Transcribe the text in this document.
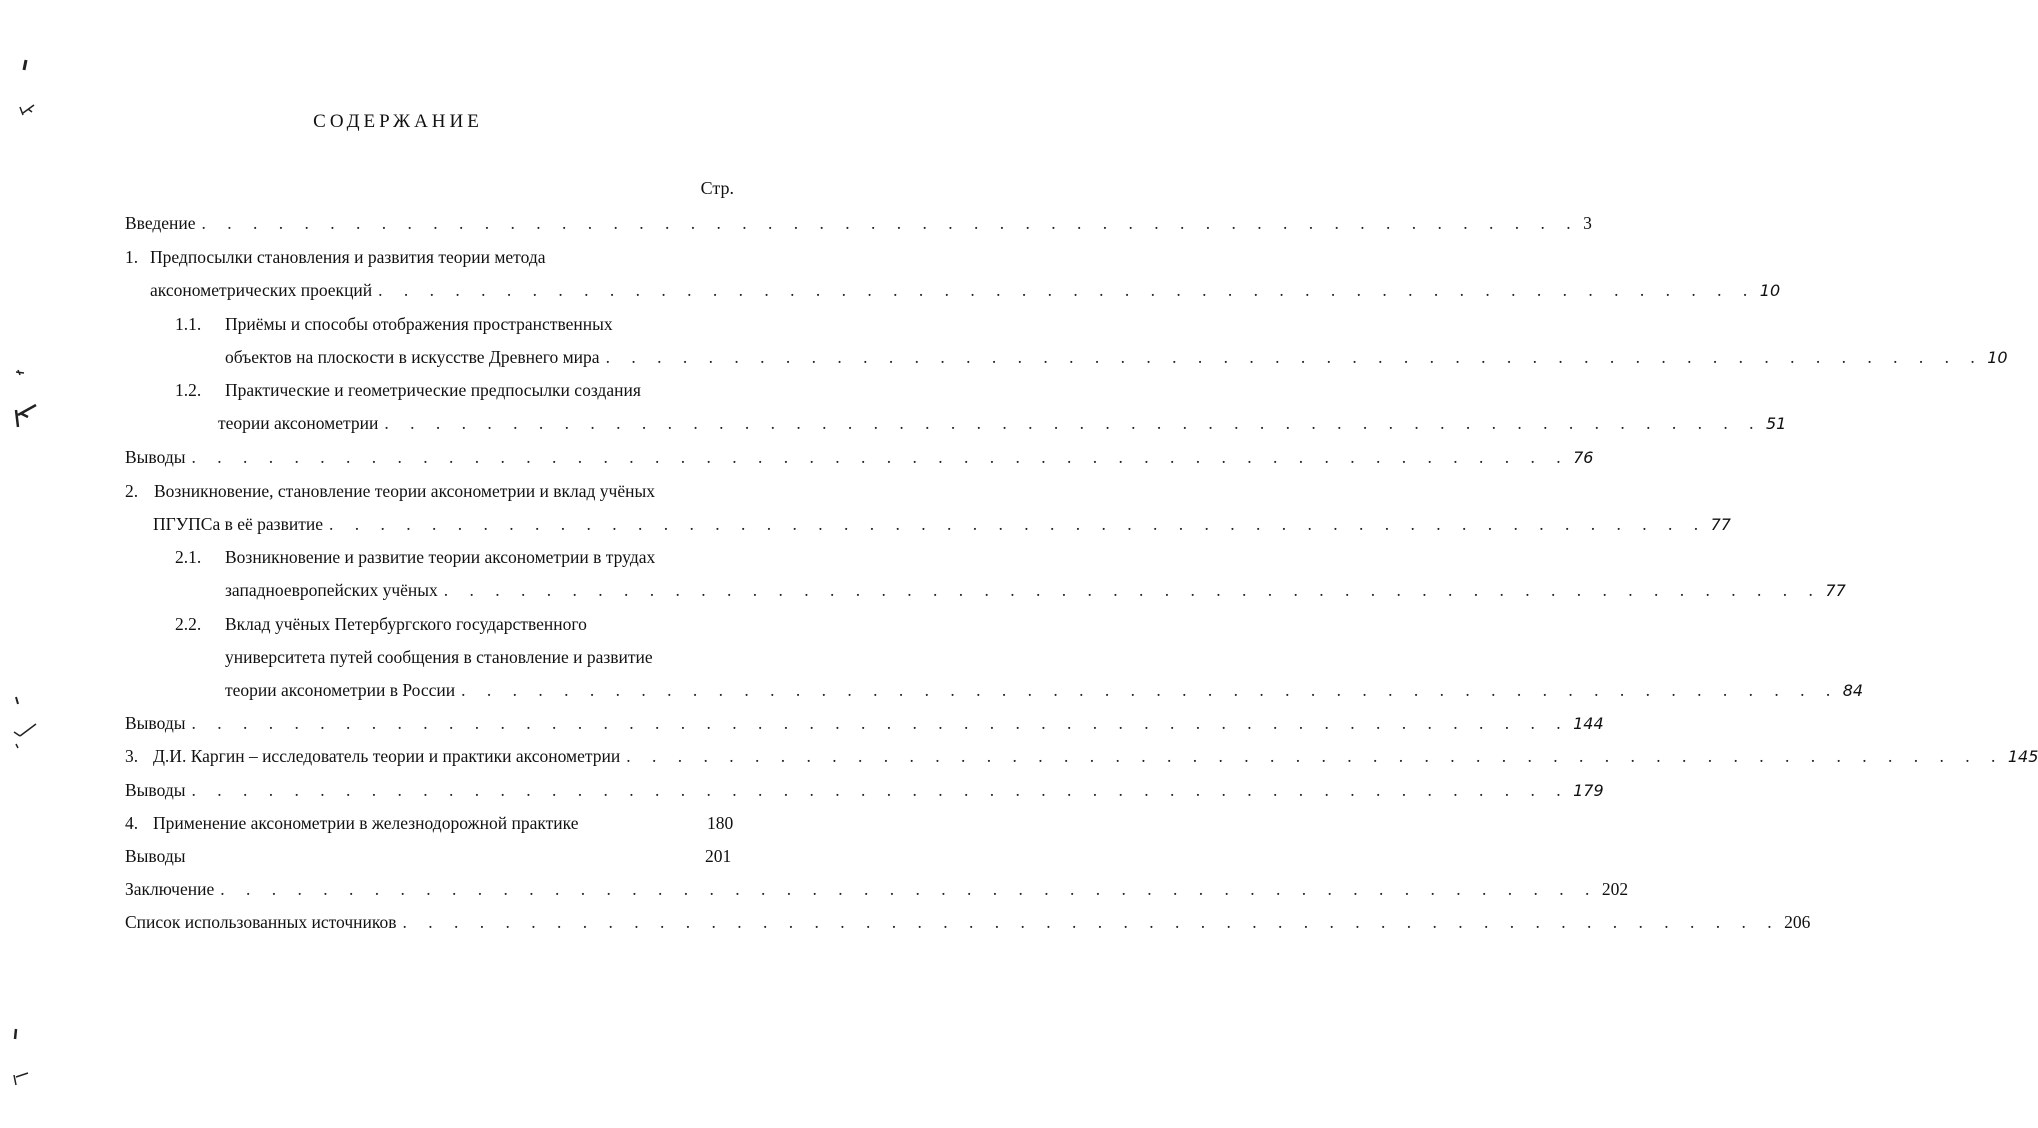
СОДЕРЖАНИЕ
Стр.
Введение . . . . . . . . . . . . . . . . . . . . . . . . . . . . . . . . . . . . . . . . . . . . . . . . . . . . . . 3
1. Предпосылки становления и развития теории метода
аксонометрических проекций . . . . . . . . . . . . . . . . . . . . . . . . . . . . . . . . . . . . . . . . . . . . . . . . . . . . . . 10
1.1. Приёмы и способы отображения пространственных
объектов на плоскости в искусстве Древнего мира . . . . . . . . . . . . . . . . . . . . . . . . . . . . . . . . . . . . . . . . . . . . . . . . . . . . . . 10
1.2. Практические и геометрические предпосылки создания
теории аксонометрии . . . . . . . . . . . . . . . . . . . . . . . . . . . . . . . . . . . . . . . . . . . . . . . . . . . . . . 51
Выводы . . . . . . . . . . . . . . . . . . . . . . . . . . . . . . . . . . . . . . . . . . . . . . . . . . . . . . 76
2. Возникновение, становление теории аксонометрии и вклад учёных
ПГУПСа в её развитие . . . . . . . . . . . . . . . . . . . . . . . . . . . . . . . . . . . . . . . . . . . . . . . . . . . . . . 77
2.1. Возникновение и развитие теории аксонометрии в трудах
западноевропейских учёных . . . . . . . . . . . . . . . . . . . . . . . . . . . . . . . . . . . . . . . . . . . . . . . . . . . . . . 77
2.2. Вклад учёных Петербургского государственного
университета путей сообщения в становление и развитие
теории аксонометрии в России . . . . . . . . . . . . . . . . . . . . . . . . . . . . . . . . . . . . . . . . . . . . . . . . . . . . . . 84
Выводы . . . . . . . . . . . . . . . . . . . . . . . . . . . . . . . . . . . . . . . . . . . . . . . . . . . . . . 144
3. Д.И. Каргин – исследователь теории и практики аксонометрии . . . . . . . . . . . . . . . . . . . . . . . . . . . . . . . . . . . . . . . . . . . . . . . . . . . . . . 145
Выводы . . . . . . . . . . . . . . . . . . . . . . . . . . . . . . . . . . . . . . . . . . . . . . . . . . . . . . 179
4. Применение аксонометрии в железнодорожной практике	180
Выводы	201
Заключение . . . . . . . . . . . . . . . . . . . . . . . . . . . . . . . . . . . . . . . . . . . . . . . . . . . . . . 202
Список использованных источников . . . . . . . . . . . . . . . . . . . . . . . . . . . . . . . . . . . . . . . . . . . . . . . . . . . . . . 206
